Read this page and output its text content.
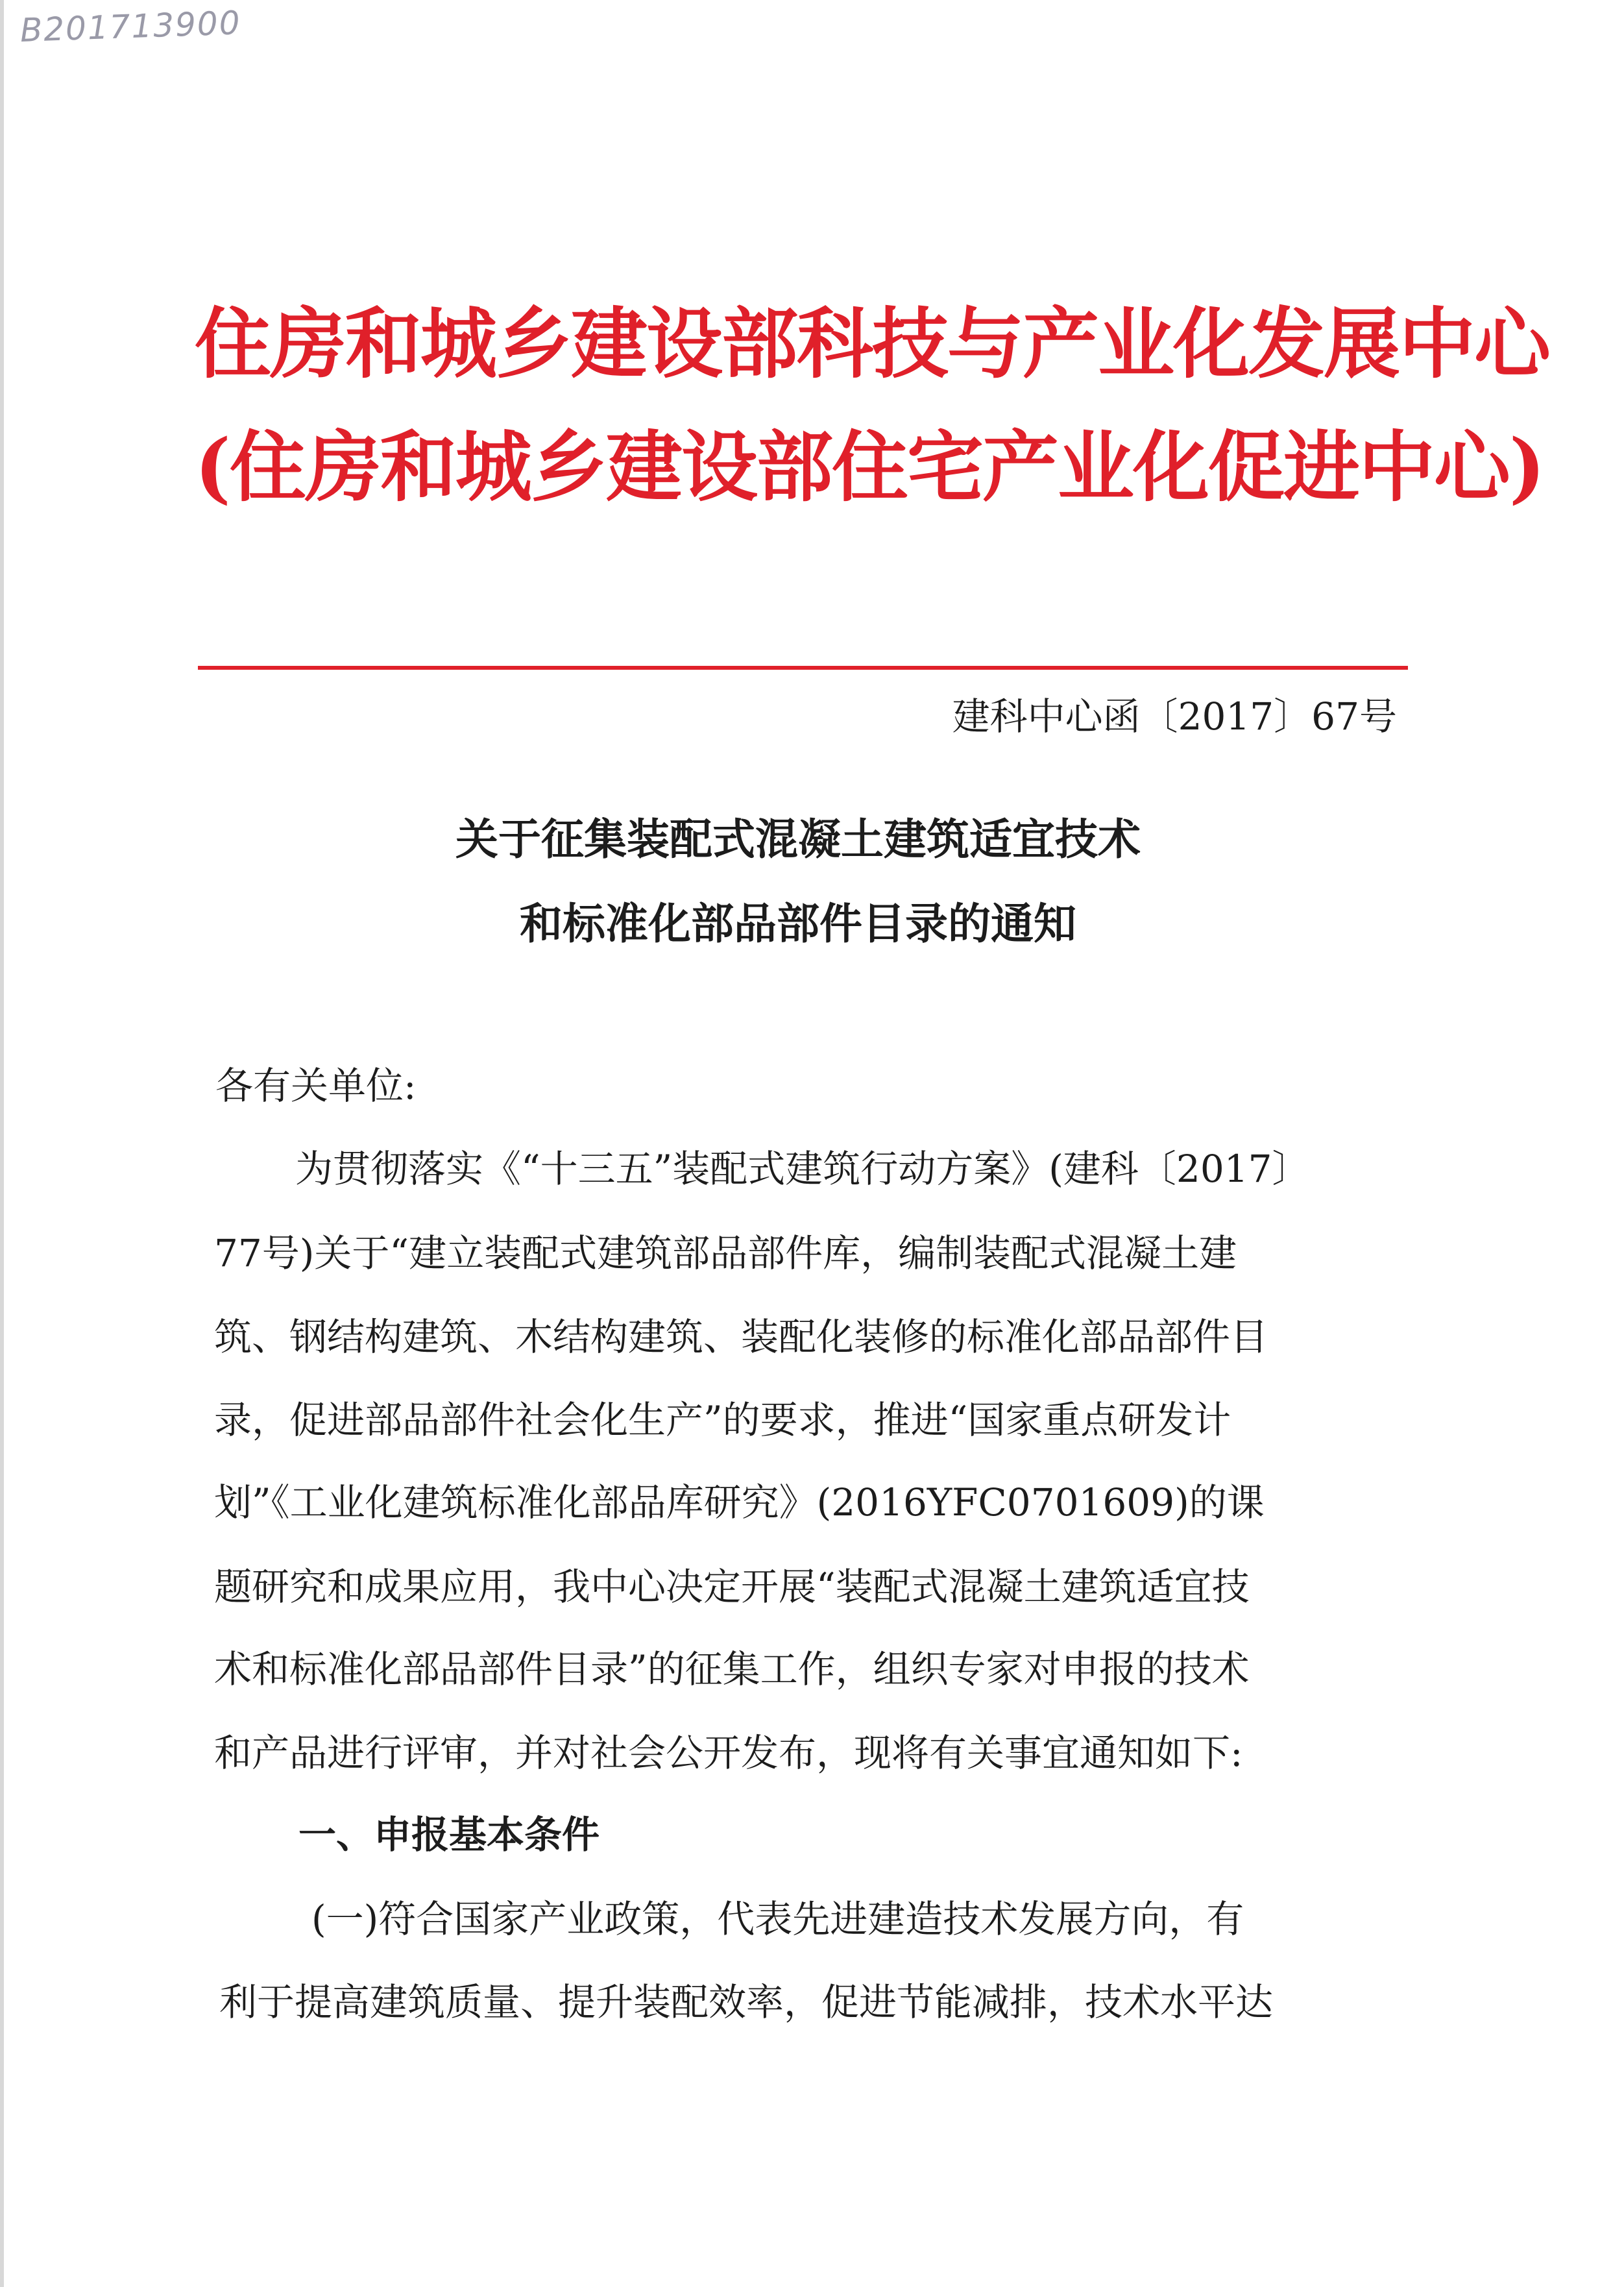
B201713900
住房和城乡建设部科技与产业化发展中心
(住房和城乡建设部住宅产业化促进中心)
建科中心函〔2017〕67号
关于征集装配式混凝土建筑适宜技术
和标准化部品部件目录的通知
各有关单位:
为贯彻落实《“十三五”装配式建筑行动方案》(建科〔2017〕
77号)关于“建立装配式建筑部品部件库，编制装配式混凝土建
筑、钢结构建筑、木结构建筑、装配化装修的标准化部品部件目
录，促进部品部件社会化生产”的要求，推进“国家重点研发计
划”《工业化建筑标准化部品库研究》(2016YFC0701609)的课
题研究和成果应用，我中心决定开展“装配式混凝土建筑适宜技
术和标准化部品部件目录”的征集工作，组织专家对申报的技术
和产品进行评审，并对社会公开发布，现将有关事宜通知如下:
一、申报基本条件
(一)符合国家产业政策，代表先进建造技术发展方向，有
利于提高建筑质量、提升装配效率，促进节能减排，技术水平达
